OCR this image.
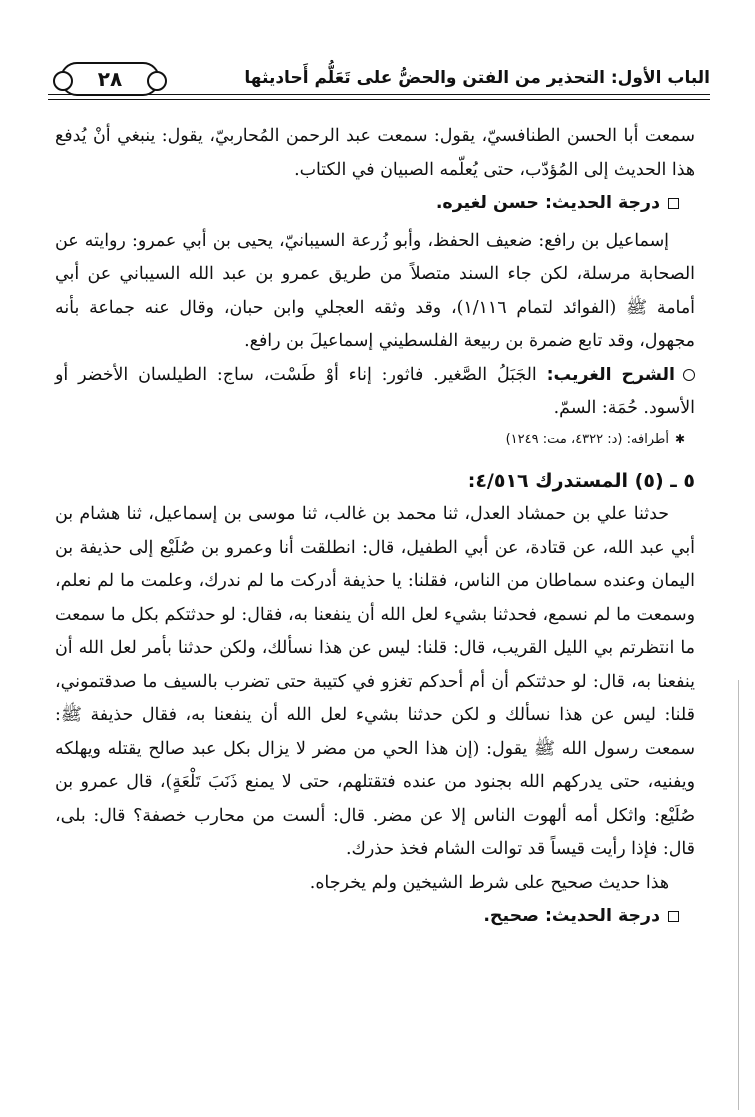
الباب الأول: التحذير من الفتن والحضُّ على تَعَلُّم أَحاديثها
٢٨

سمعت أبا الحسن الطنافسيّ، يقول: سمعت عبد الرحمن المُحاربيّ، يقول: ينبغي أنْ يُدفع هذا الحديث إلى المُؤدّب، حتى يُعلّمه الصبيان في الكتاب.

درجة الحديث: حسن لغيره.

إسماعيل بن رافع: ضعيف الحفظ، وأبو زُرعة السيبانيّ، يحيى بن أبي عمرو: روايته عن الصحابة مرسلة، لكن جاء السند متصلاً من طريق عمرو بن عبد الله السيباني عن أبي أمامة ﷺ (الفوائد لتمام ١/١١٦)، وقد وثقه العجلي وابن حبان، وقال عنه جماعة بأنه مجهول، وقد تابع ضمرة بن ربيعة الفلسطيني إسماعيلَ بن رافع.

الشرح الغريب: الجَبَلُ الصَّغير. فاثور: إناء أوْ طَسْت، ساج: الطيلسان الأخضر أو الأسود. حُمَة: السمّ.

✱أطرافه: (د: ٤٣٢٢، مت: ١٢٤٩)

٥ ـ (٥) المستدرك ٤/٥١٦:

حدثنا علي بن حمشاد العدل، ثنا محمد بن غالب، ثنا موسى بن إسماعيل، ثنا هشام بن أبي عبد الله، عن قتادة، عن أبي الطفيل، قال: انطلقت أنا وعمرو بن صُلَيْع إلى حذيفة بن اليمان وعنده سماطان من الناس، فقلنا: يا حذيفة أدركت ما لم ندرك، وعلمت ما لم نعلم، وسمعت ما لم نسمع، فحدثنا بشيء لعل الله أن ينفعنا به، فقال: لو حدثتكم بكل ما سمعت ما انتظرتم بي الليل القريب، قال: قلنا: ليس عن هذا نسألك، ولكن حدثنا بأمر لعل الله أن ينفعنا به، قال: لو حدثتكم أن أم أحدكم تغزو في كتيبة حتى تضرب بالسيف ما صدقتموني، قلنا: ليس عن هذا نسألك و لكن حدثنا بشيء لعل الله أن ينفعنا به، فقال حذيفة ﷺ: سمعت رسول الله ﷺ يقول: (إن هذا الحي من مضر لا يزال بكل عبد صالح يقتله ويهلكه ويفنيه، حتى يدركهم الله بجنود من عنده فتقتلهم، حتى لا يمنع ذَنَبَ تَلْعَةٍ)، قال عمرو بن صُلَيْع: واثكل أمه ألهوت الناس إلا عن مضر. قال: ألست من محارب خصفة؟ قال: بلى، قال: فإذا رأيت قيساً قد توالت الشام فخذ حذرك.

هذا حديث صحيح على شرط الشيخين ولم يخرجاه.

درجة الحديث: صحيح.
